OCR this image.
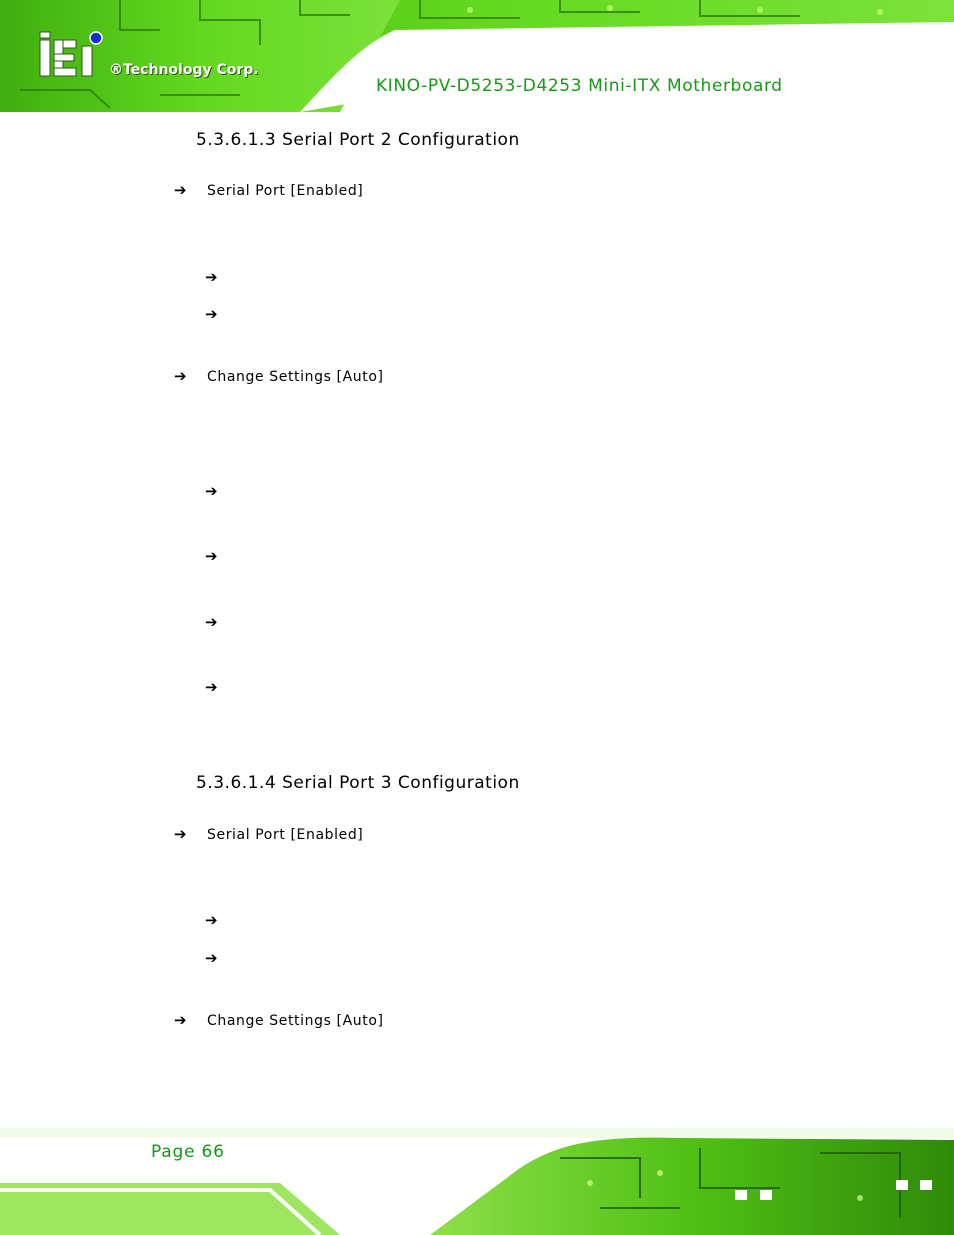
®Technology Corp.
KINO-PV-D5253-D4253 Mini-ITX Motherboard
5.3.6.1.3 Serial Port 2 Configuration
➔ Serial Port [Enabled]
➔
➔
➔ Change Settings [Auto]
➔
➔
➔
➔
5.3.6.1.4 Serial Port 3 Configuration
➔ Serial Port [Enabled]
➔
➔
➔ Change Settings [Auto]
Page 66
